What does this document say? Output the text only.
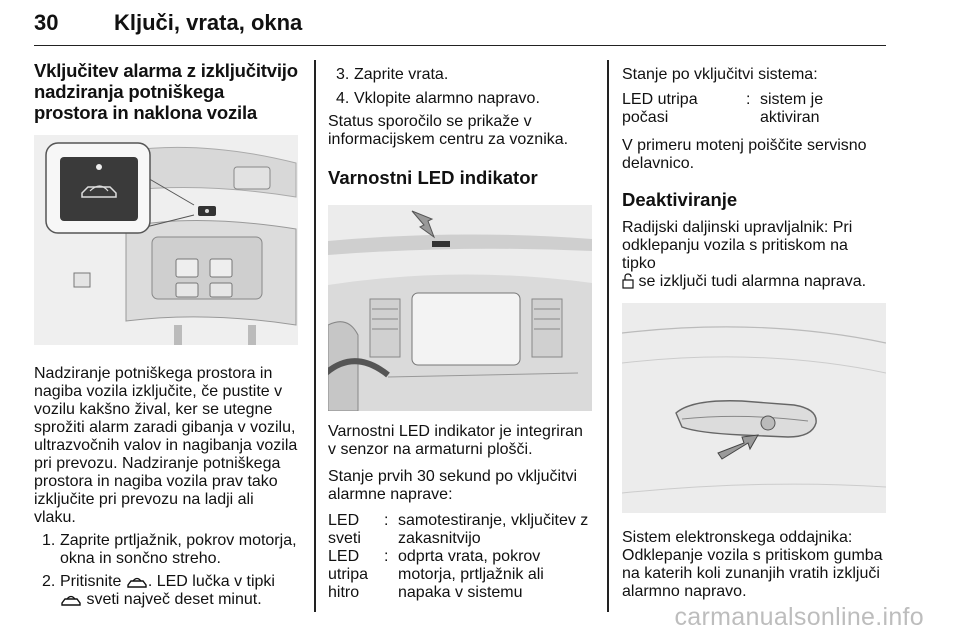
30	Ključi, vrata, okna
Vključitev alarma z izključitvijo nadziranja potniškega prostora in naklona vozila

Nadziranje potniškega prostora in nagiba vozila izključite, če pustite v vozilu kakšno žival, ker se utegne sprožiti alarm zaradi gibanja v vozilu, ultrazvočnih valov in nagibanja vozila pri prevozu. Nadziranje potniškega prostora in nagiba vozila prav tako izključite pri prevozu na ladji ali vlaku.

1. Zaprite prtljažnik, pokrov motorja, okna in sončno streho.
2. Pritisnite . LED lučka v tipki
sveti največ deset minut.
3. Zaprite vrata.
4. Vklopite alarmno napravo.

Status sporočilo se prikaže v informacijskem centru za voznika.

Varnostni LED indikator

Varnostni LED indikator je integriran v senzor na armaturni plošči.

Stanje prvih 30 sekund po vključitvi alarmne naprave:

LED sveti
: samotestiranje, vključitev z zakasnitvijo
LED utripa hitro
: odprta vrata, pokrov motorja, prtljažnik ali napaka v sistemu

Stanje po vključitvi sistema:

LED utripa počasi
: sistem je aktiviran

V primeru motenj poiščite servisno delavnico.

Deaktiviranje

Radijski daljinski upravljalnik: Pri odklepanju vozila s pritiskom na tipko
se izključi tudi alarmna naprava.

Sistem elektronskega oddajnika: Odklepanje vozila s pritiskom gumba na katerih koli zunanjih vratih izključi alarmno napravo.

carmanualsonline.info
